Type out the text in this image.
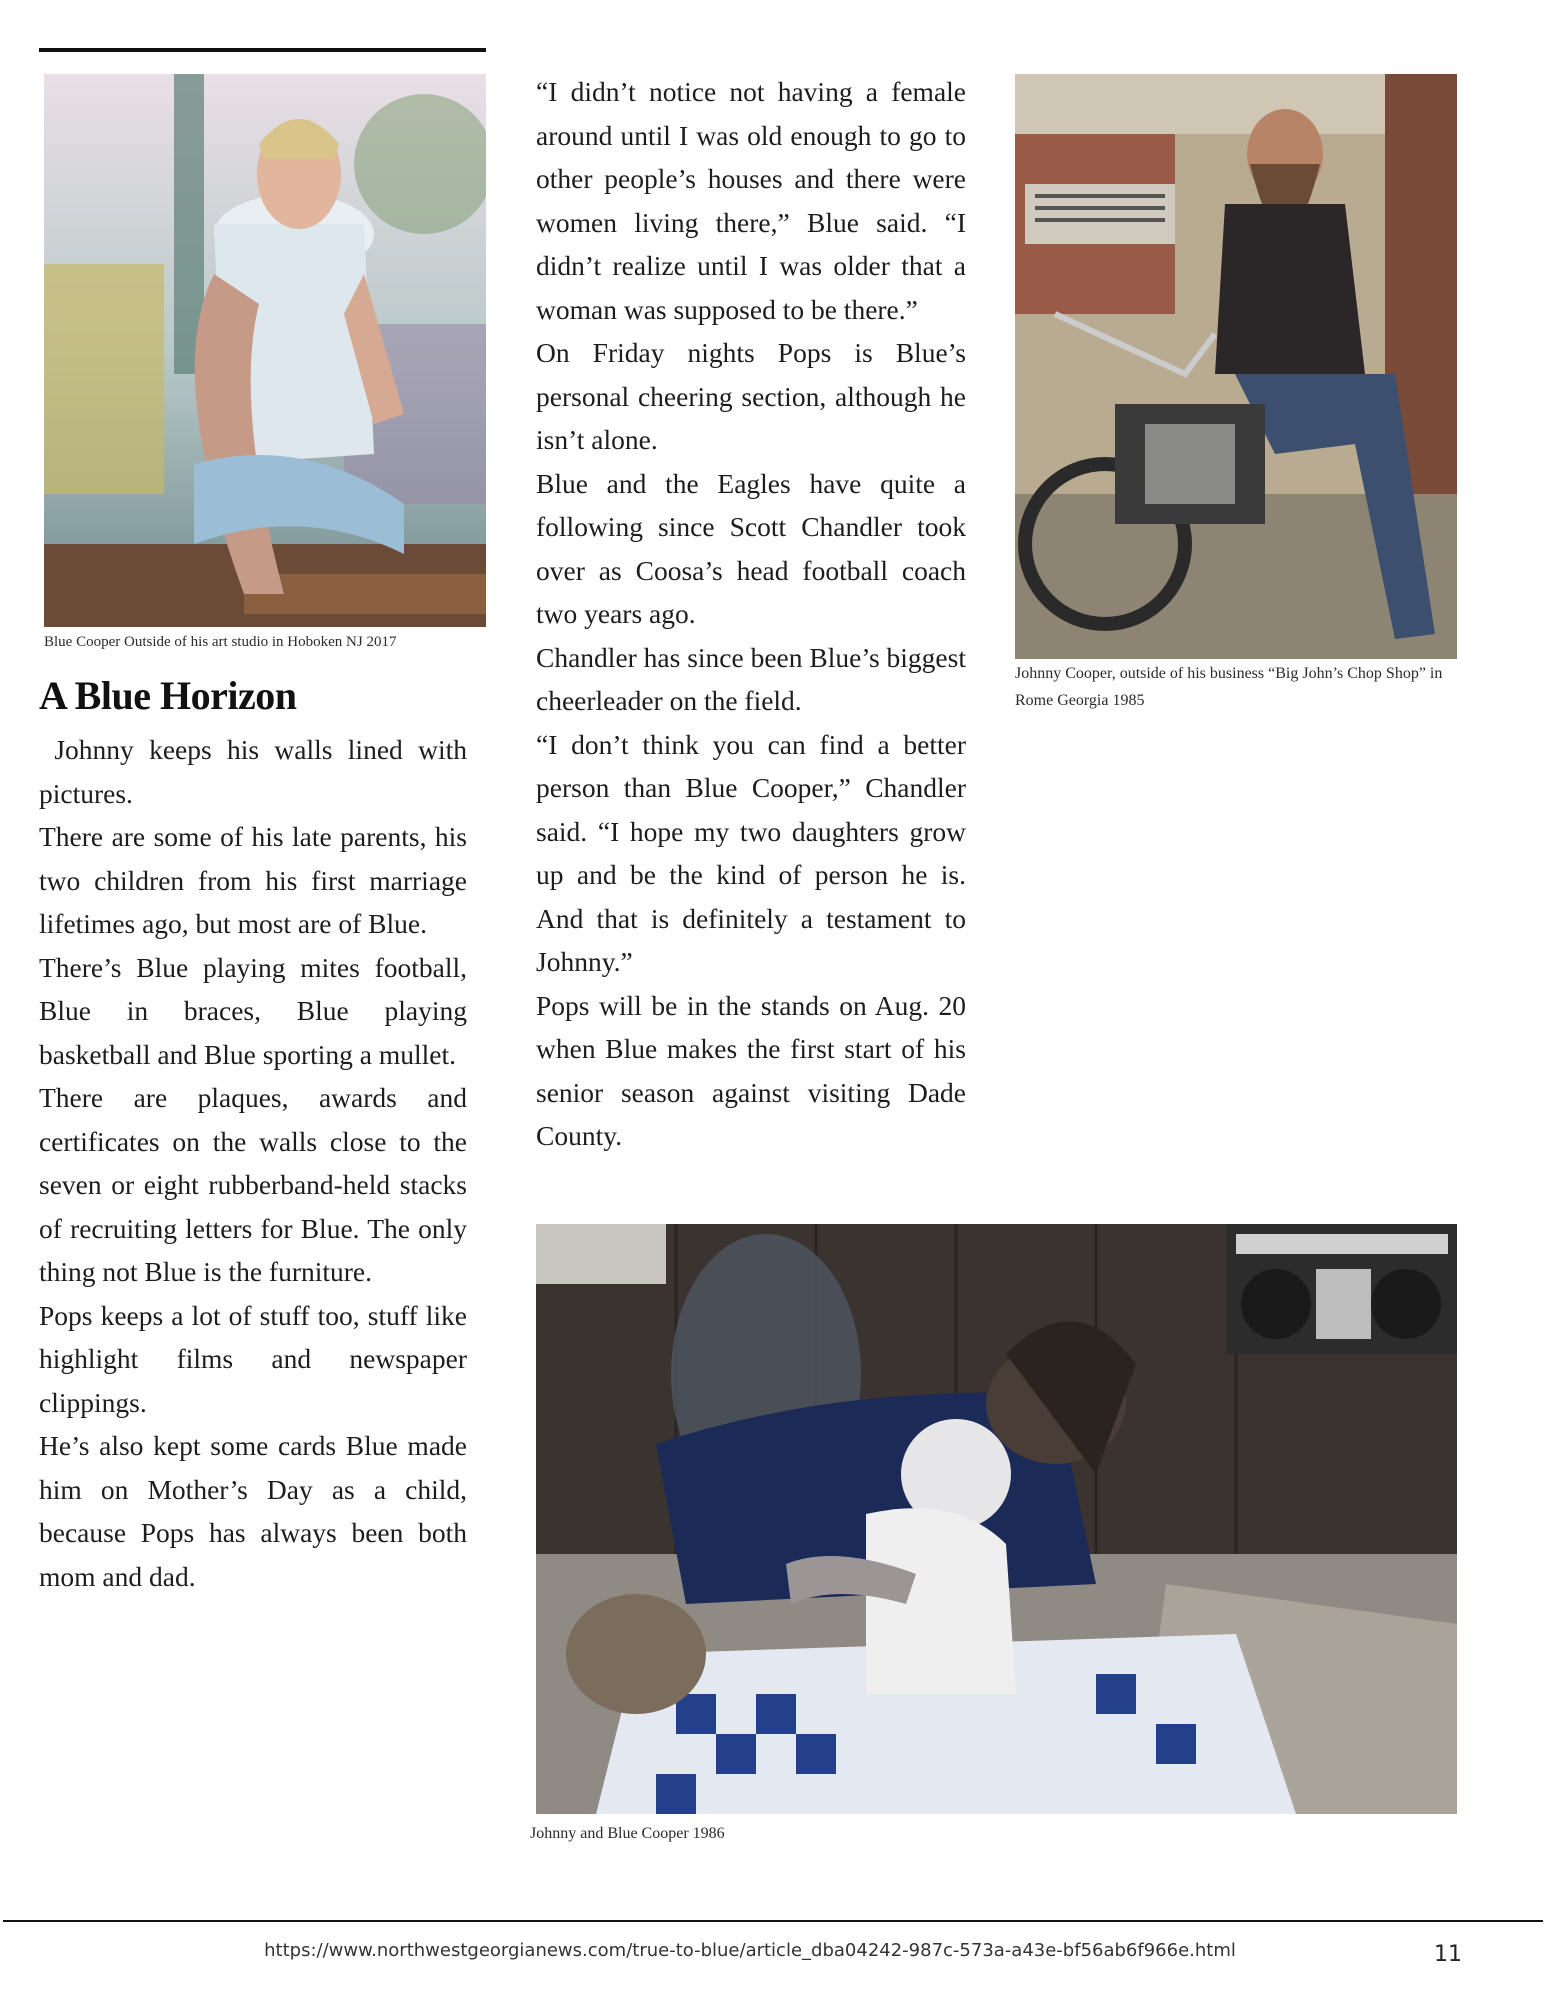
Blue Cooper Outside of his art studio in Hoboken NJ 2017
A Blue Horizon

Johnny keeps his walls lined with pictures.

There are some of his late parents, his two children from his first marriage lifetimes ago, but most are of Blue.

There’s Blue playing mites football, Blue in braces, Blue playing basketball and Blue sporting a mullet.

There are plaques, awards and certificates on the walls close to the seven or eight rubberband-held stacks of recruiting letters for Blue. The only thing not Blue is the furniture.

Pops keeps a lot of stuff too, stuff like highlight films and newspaper clippings.

He’s also kept some cards Blue made him on Mother’s Day as a child, because Pops has always been both mom and dad.

“I didn’t notice not having a female around until I was old enough to go to other people’s houses and there were women living there,” Blue said. “I didn’t realize until I was older that a woman was supposed to be there.”

On Friday nights Pops is Blue’s personal cheering section, although he isn’t alone.

Blue and the Eagles have quite a following since Scott Chandler took over as Coosa’s head football coach two years ago.

Chandler has since been Blue’s biggest cheerleader on the field.

“I don’t think you can find a better person than Blue Cooper,” Chandler said. “I hope my two daughters grow up and be the kind of person he is. And that is definitely a testament to Johnny.”

Pops will be in the stands on Aug. 20 when Blue makes the first start of his senior season against visiting Dade County.

Johnny Cooper, outside of his business “Big John’s Chop Shop” in Rome Georgia 1985
Johnny and Blue Cooper 1986
https://www.northwestgeorgianews.com/true-to-blue/article_dba04242-987c-573a-a43e-bf56ab6f966e.html	11
